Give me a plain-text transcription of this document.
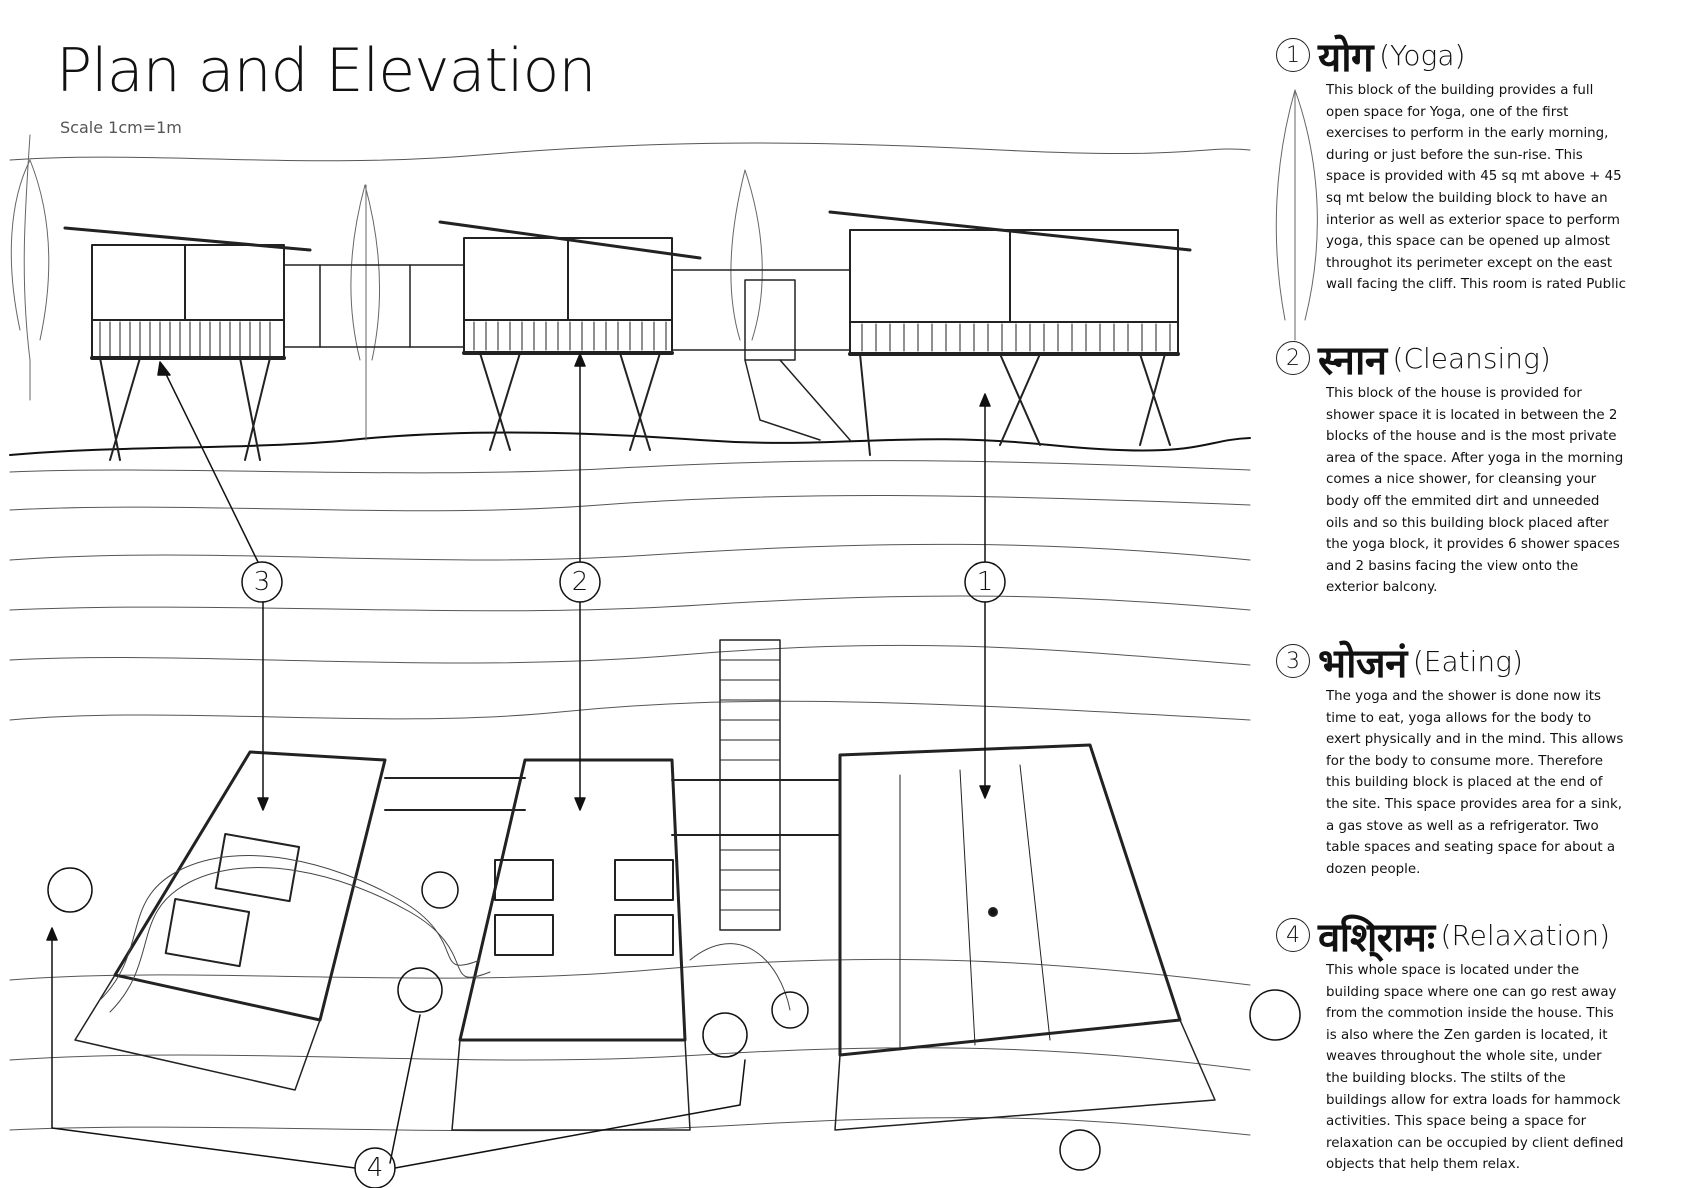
Plan and Elevation
Scale 1cm=1m
3	2	1
4
1 योग (Yoga)
This block of the building provides a full open space for Yoga, one of the first exercises to perform in the early morning, during or just before the sun-rise. This space is provided with 45 sq mt above + 45 sq mt below the building block to have an interior as well as exterior space to perform yoga, this space can be opened up almost throughot its perimeter except on the east wall facing the cliff. This room is rated Public
2 स्नान (Cleansing)
This block of the house is provided for shower space it is located in between the 2 blocks of the house and is the most private area of the space. After yoga in the morning comes a nice shower, for cleansing your body off the emmited dirt and unneeded oils and so this building block placed after the yoga block, it provides 6 shower spaces and 2 basins facing the view onto the exterior balcony.
3 भोजनं (Eating)
The yoga and the shower is done now its time to eat, yoga allows for the body to exert physically and in the mind. This allows for the body to consume more. Therefore this building block is placed at the end of the site. This space provides area for a sink, a gas stove as well as a refrigerator. Two table spaces and seating space for about a dozen people.
4 वशि्रामः (Relaxation)
This whole space is located under the building space where one can go rest away from the commotion inside the house. This is also where the Zen garden is located, it weaves throughout the whole site, under the building blocks. The stilts of the buildings allow for extra loads for hammock activities. This space being a space for relaxation can be occupied by client defined objects that help them relax.
